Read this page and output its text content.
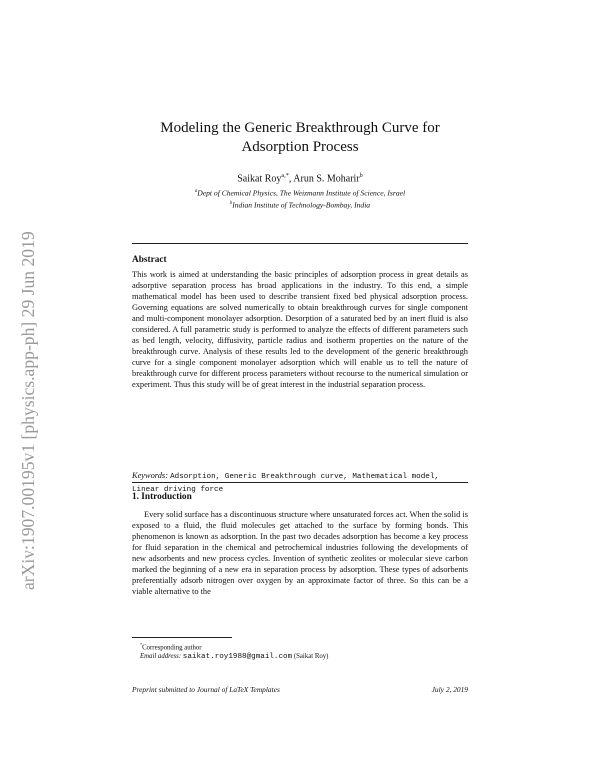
arXiv:1907.00195v1 [physics.app-ph] 29 Jun 2019
Modeling the Generic Breakthrough Curve for
Adsorption Process
Saikat Roy$^{a,*}$, Arun S. Moharir$^b$
$^a$Dept of Chemical Physics, The Weizmann Institute of Science, Israel
$^b$Indian Institute of Technology-Bombay, India
Abstract
This work is aimed at understanding the basic principles of adsorption process in great details as adsorptive separation process has broad applications in the industry. To this end, a simple mathematical model has been used to describe transient fixed bed physical adsorption process. Governing equations are solved numerically to obtain breakthrough curves for single component and multi-component monolayer adsorption. Desorption of a saturated bed by an inert fluid is also considered. A full parametric study is performed to analyze the effects of different parameters such as bed length, velocity, diffusivity, particle radius and isotherm properties on the nature of the breakthrough curve. Analysis of these results led to the development of the generic breakthrough curve for a single component monolayer adsorption which will enable us to tell the nature of breakthrough curve for different process parameters without recourse to the numerical simulation or experiment. Thus this study will be of great interest in the industrial separation process.
Keywords: Adsorption, Generic Breakthrough curve, Mathematical model, Linear driving force
1. Introduction
Every solid surface has a discontinuous structure where unsaturated forces act. When the solid is exposed to a fluid, the fluid molecules get attached to the surface by forming bonds. This phenomenon is known as adsorption. In the past two decades adsorption has become a key process for fluid separation in the chemical and petrochemical industries following the developments of new adsorbents and new process cycles. Invention of synthetic zeolites or molecular sieve carbon marked the beginning of a new era in separation process by adsorption. These types of adsorbents preferentially adsorb nitrogen over oxygen by an approximate factor of three. So this can be a viable alternative to the
*Corresponding author
Email address: saikat.roy1988@gmail.com (Saikat Roy)
Preprint submitted to Journal of LaTeX Templates	July 2, 2019
